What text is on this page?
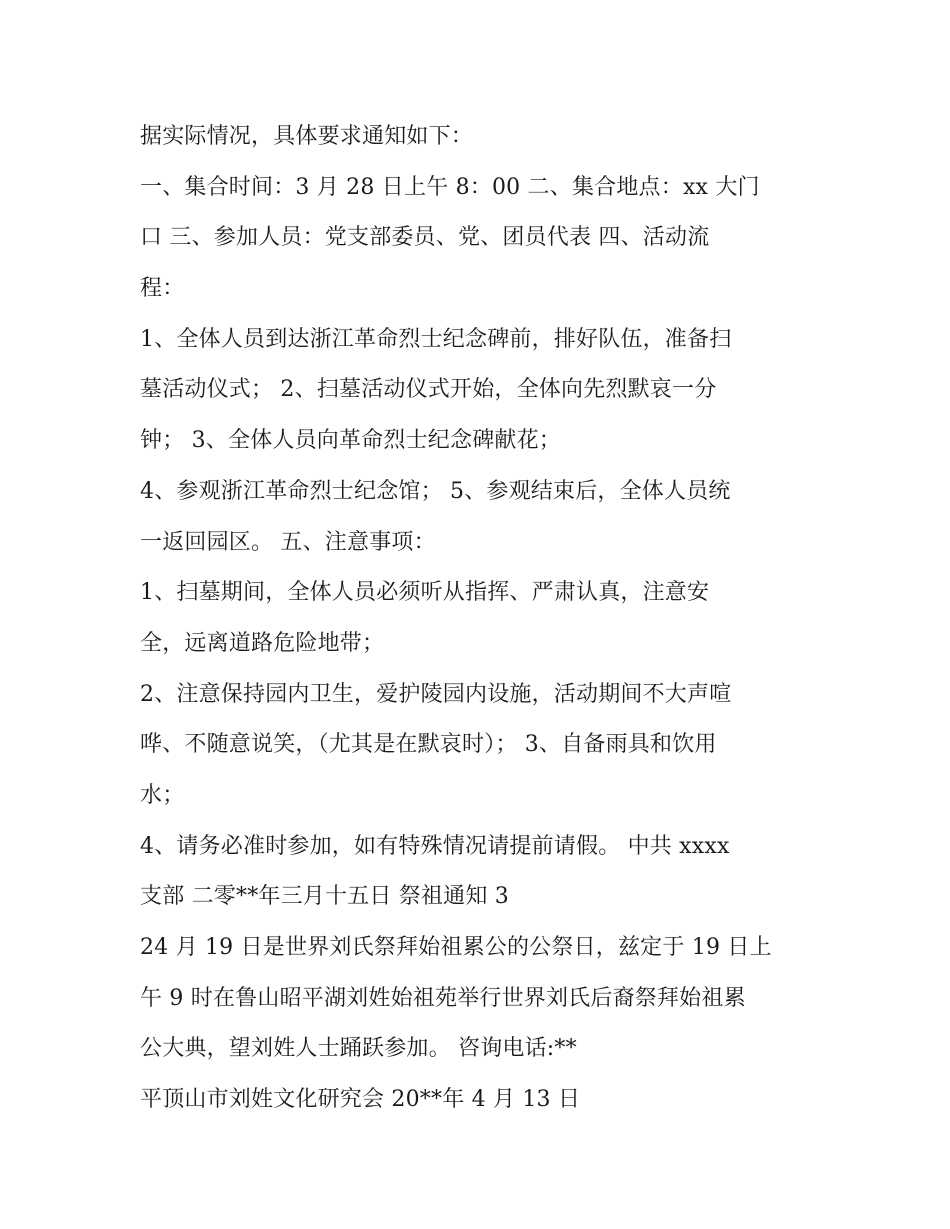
据实际情况，具体要求通知如下：
一、集合时间：3 月 28 日上午 8：00 二、集合地点：xx 大门
口 三、参加人员：党支部委员、党、团员代表 四、活动流
程：
1、全体人员到达浙江革命烈士纪念碑前，排好队伍，准备扫
墓活动仪式； 2、扫墓活动仪式开始，全体向先烈默哀一分
钟； 3、全体人员向革命烈士纪念碑献花；
4、参观浙江革命烈士纪念馆； 5、参观结束后，全体人员统
一返回园区。 五、注意事项：
1、扫墓期间，全体人员必须听从指挥、严肃认真，注意安
全，远离道路危险地带；
2、注意保持园内卫生，爱护陵园内设施，活动期间不大声喧
哗、不随意说笑，（尤其是在默哀时）； 3、自备雨具和饮用
水；
4、请务必准时参加，如有特殊情况请提前请假。 中共 xxxx
支部 二零**年三月十五日 祭祖通知 3
24 月 19 日是世界刘氏祭拜始祖累公的公祭日，兹定于 19 日上
午 9 时在鲁山昭平湖刘姓始祖苑举行世界刘氏后裔祭拜始祖累
公大典，望刘姓人士踊跃参加。 咨询电话:**
平顶山市刘姓文化研究会 20**年 4 月 13 日
